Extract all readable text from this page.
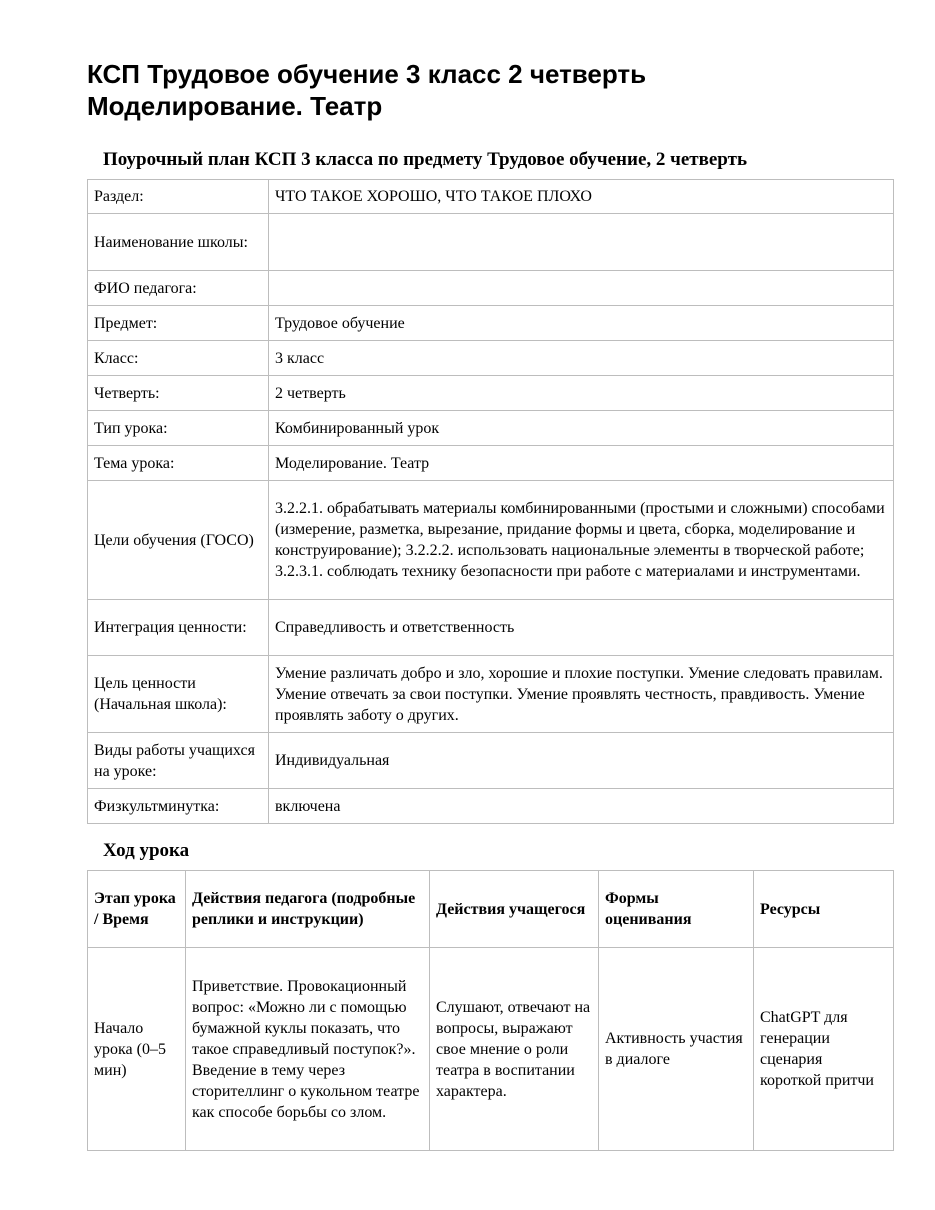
КСП Трудовое обучение 3 класс 2 четверть
Моделирование. Театр
Поурочный план КСП 3 класса по предмету Трудовое обучение, 2 четверть
Раздел:	ЧТО ТАКОЕ ХОРОШО, ЧТО ТАКОЕ ПЛОХО
Наименование школы:	
ФИО педагога:	
Предмет:	Трудовое обучение
Класс:	3 класс
Четверть:	2 четверть
Тип урока:	Комбинированный урок
Тема урока:	Моделирование. Театр
Цели обучения (ГОСО)	3.2.2.1. обрабатывать материалы комбинированными (простыми и сложными) способами (измерение, разметка, вырезание, придание формы и цвета, сборка, моделирование и конструирование); 3.2.2.2. использовать национальные элементы в творческой работе; 3.2.3.1. соблюдать технику безопасности при работе с материалами и инструментами.
Интеграция ценности:	Справедливость и ответственность
Цель ценности (Начальная школа):	Умение различать добро и зло, хорошие и плохие поступки. Умение следовать правилам. Умение отвечать за свои поступки. Умение проявлять честность, правдивость. Умение проявлять заботу о других.
Виды работы учащихся на уроке:	Индивидуальная
Физкультминутка:	включена
Ход урока
Этап урока / Время	Действия педагога (подробные реплики и инструкции)	Действия учащегося	Формы оценивания	Ресурсы
Начало урока (0–5 мин)	Приветствие. Провокационный вопрос: «Можно ли с помощью бумажной куклы показать, что такое справедливый поступок?». Введение в тему через сторителлинг о кукольном театре как способе борьбы со злом.	Слушают, отвечают на вопросы, выражают свое мнение о роли театра в воспитании характера.	Активность участия в диалоге	ChatGPT для генерации сценария короткой притчи
